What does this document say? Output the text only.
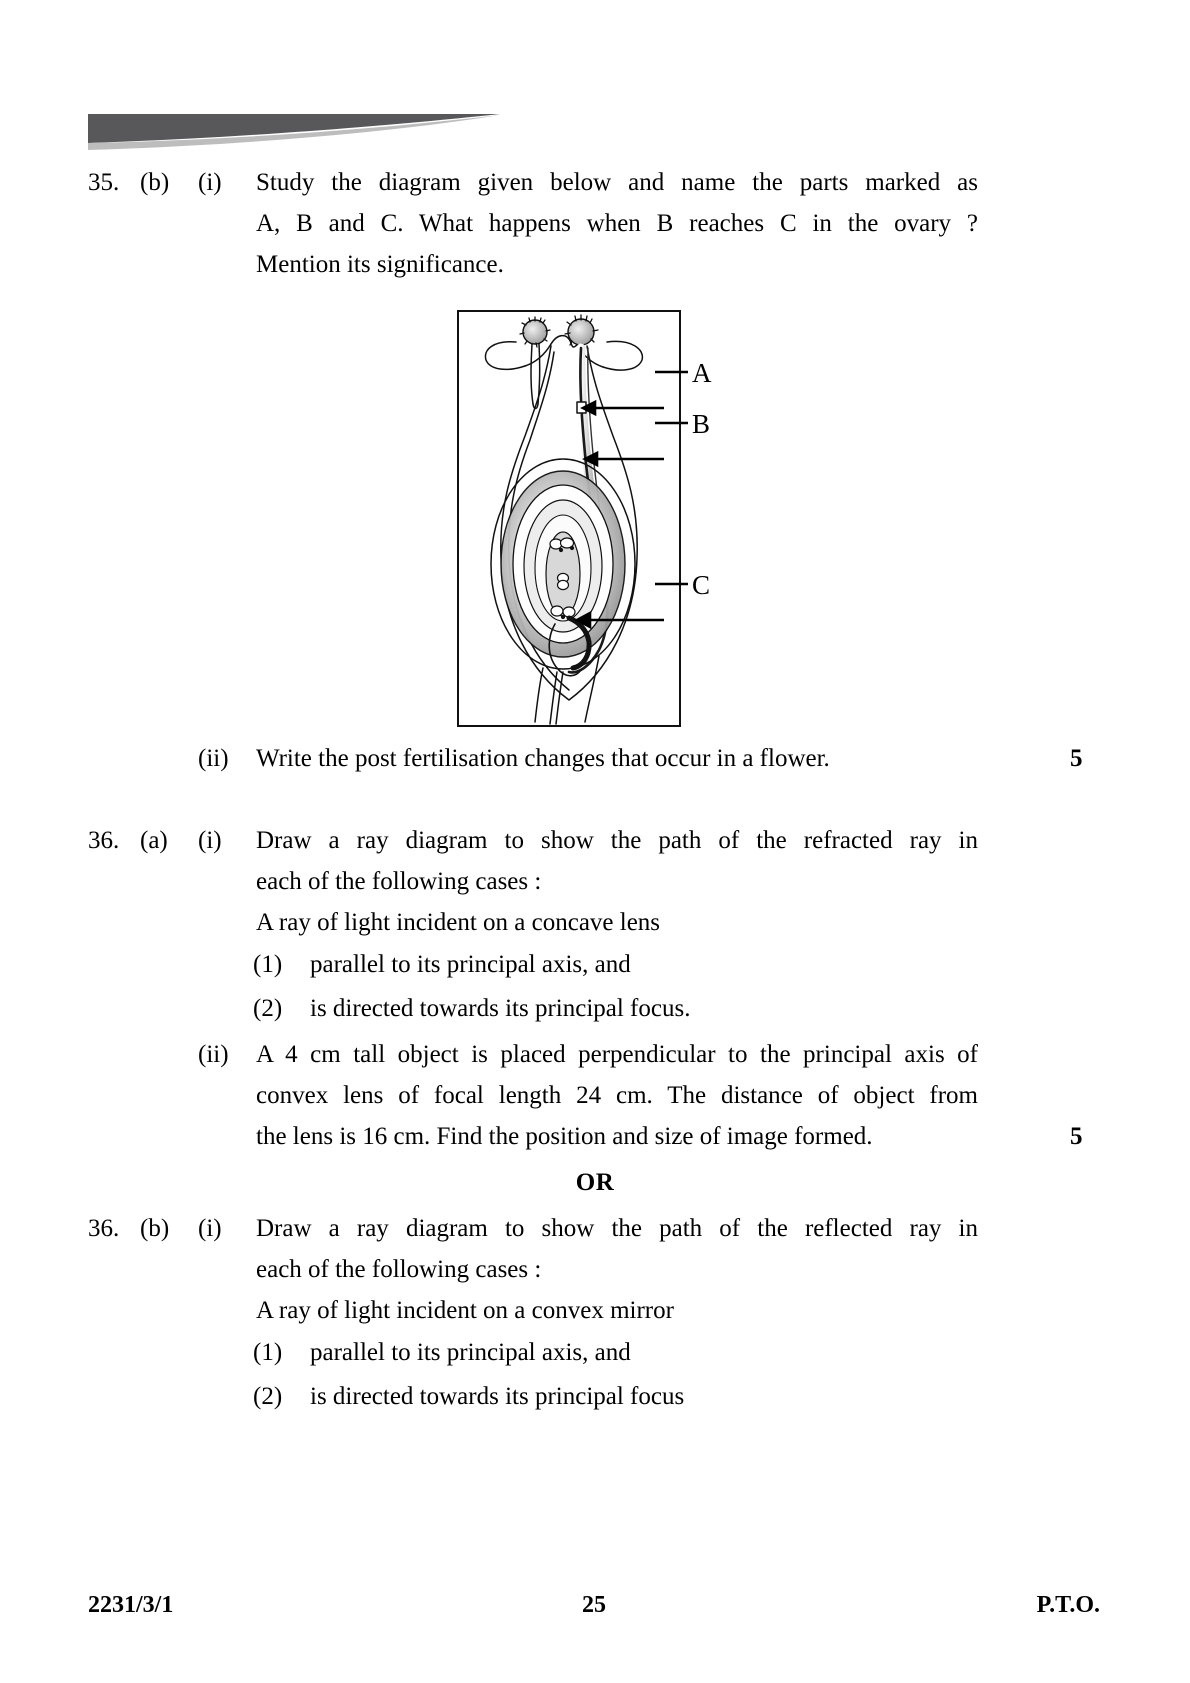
35. (b)	(i)	Study the diagram given below and name the parts marked as
A, B and C. What happens when B reaches C in the ovary ?
Mention its significance.
A
B
C
(ii)	Write the post fertilisation changes that occur in a flower.	5
36. (a)	(i)	Draw a ray diagram to show the path of the refracted ray in
each of the following cases :
A ray of light incident on a concave lens
(1)	parallel to its principal axis, and
(2)	is directed towards its principal focus.
(ii)	A 4 cm tall object is placed perpendicular to the principal axis of
convex lens of focal length 24 cm. The distance of object from
the lens is 16 cm. Find the position and size of image formed.	5
OR
36. (b)	(i)	Draw a ray diagram to show the path of the reflected ray in
each of the following cases :
A ray of light incident on a convex mirror
(1)	parallel to its principal axis, and
(2)	is directed towards its principal focus
2231/3/1	25	P.T.O.
